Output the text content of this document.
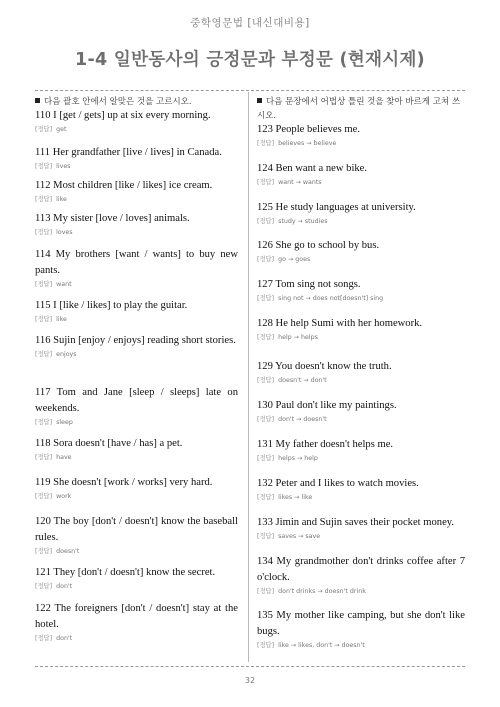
중학영문법 [내신대비용]
1-4 일반동사의 긍정문과 부정문 (현재시제)
다음 괄호 안에서 알맞은 것을 고르시오.
110 I [get / gets] up at six every morning.
[정답] get
111 Her grandfather [live / lives] in Canada.
[정답] lives
112 Most children [like / likes] ice cream.
[정답] like
113 My sister [love / loves] animals.
[정답] loves
114 My brothers [want / wants] to buy new pants.
[정답] want
115 I [like / likes] to play the guitar.
[정답] like
116 Sujin [enjoy / enjoys] reading short stories.
[정답] enjoys
117 Tom and Jane [sleep / sleeps] late on weekends.
[정답] sleep
118 Sora doesn't [have / has] a pet.
[정답] have
119 She doesn't [work / works] very hard.
[정답] work
120 The boy [don't / doesn't] know the baseball rules.
[정답] doesn't
121 They [don't / doesn't] know the secret.
[정답] don't
122 The foreigners [don't / doesn't] stay at the hotel.
[정답] don't
다음 문장에서 어법상 틀린 것을 찾아 바르게 고쳐 쓰시오.
123 People believes me.
[정답] believes → believe
124 Ben want a new bike.
[정답] want → wants
125 He study languages at university.
[정답] study → studies
126 She go to school by bus.
[정답] go → goes
127 Tom sing not songs.
[정답] sing not → does not[doesn't] sing
128 He help Sumi with her homework.
[정답] help → helps
129 You doesn't know the truth.
[정답] doesn't → don't
130 Paul don't like my paintings.
[정답] don't → doesn't
131 My father doesn't helps me.
[정답] helps → help
132 Peter and I likes to watch movies.
[정답] likes → like
133 Jimin and Sujin saves their pocket money.
[정답] saves → save
134 My grandmother don't drinks coffee after 7 o'clock.
[정답] don't drinks → doesn't drink
135 My mother like camping, but she don't like bugs.
[정답] like → likes, don't → doesn't
32
